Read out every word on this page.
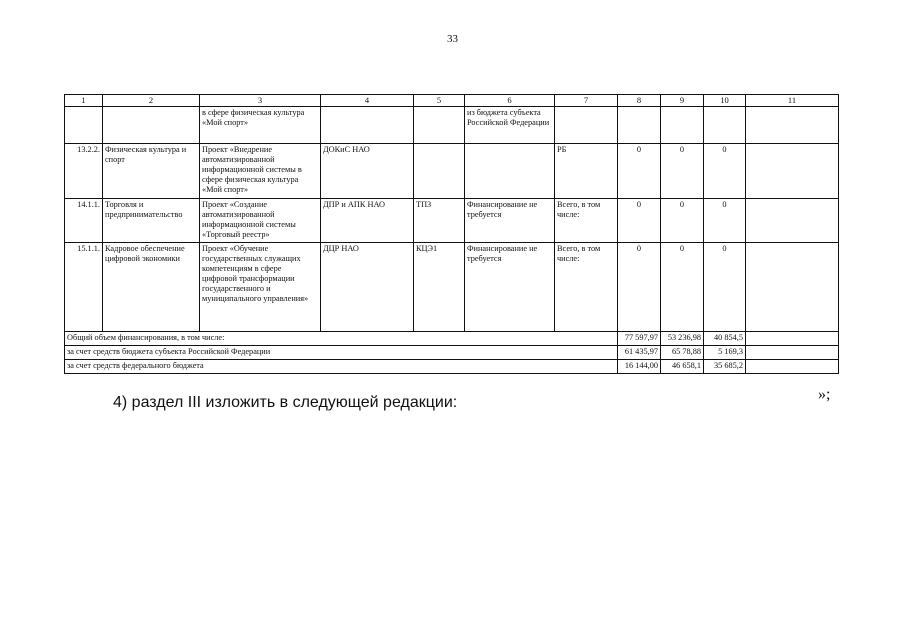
33
1	2	3	4	5	6	7	8	9	10	11
		в сфере физическая культура «Мой спорт»			из бюджета субъекта Российской Федерации					
13.2.2.	Физическая культура и спорт	Проект «Внедрение автоматизированной информационной системы в сфере физическая культура «Мой спорт»	ДОКиС НАО			РБ	0	0	0	
14.1.1.	Торговля и предпринимательство	Проект «Создание автоматизированной информационной системы «Торговый реестр»	ДПР и АПК НАО	ТПЗ	Финансирование не требуется	Всего, в том числе:	0	0	0	
15.1.1.	Кадровое обеспечение цифровой экономики	Проект «Обучение государственных служащих компетенциям в сфере цифровой трансформации государственного и муниципального управления»	ДЦР НАО	КЦЭ1	Финансирование не требуется	Всего, в том числе:	0	0	0	
Общий объем финансирования, в том числе:							77 597,97	53 236,98	40 854,5	
за счет средств бюджета субъекта Российской Федерации							61 435,97	65 78,88	5 169,3	
за счет средств федерального бюджета							16 144,00	46 658,1	35 685,2	
»;
4) раздел III изложить в следующей редакции:
